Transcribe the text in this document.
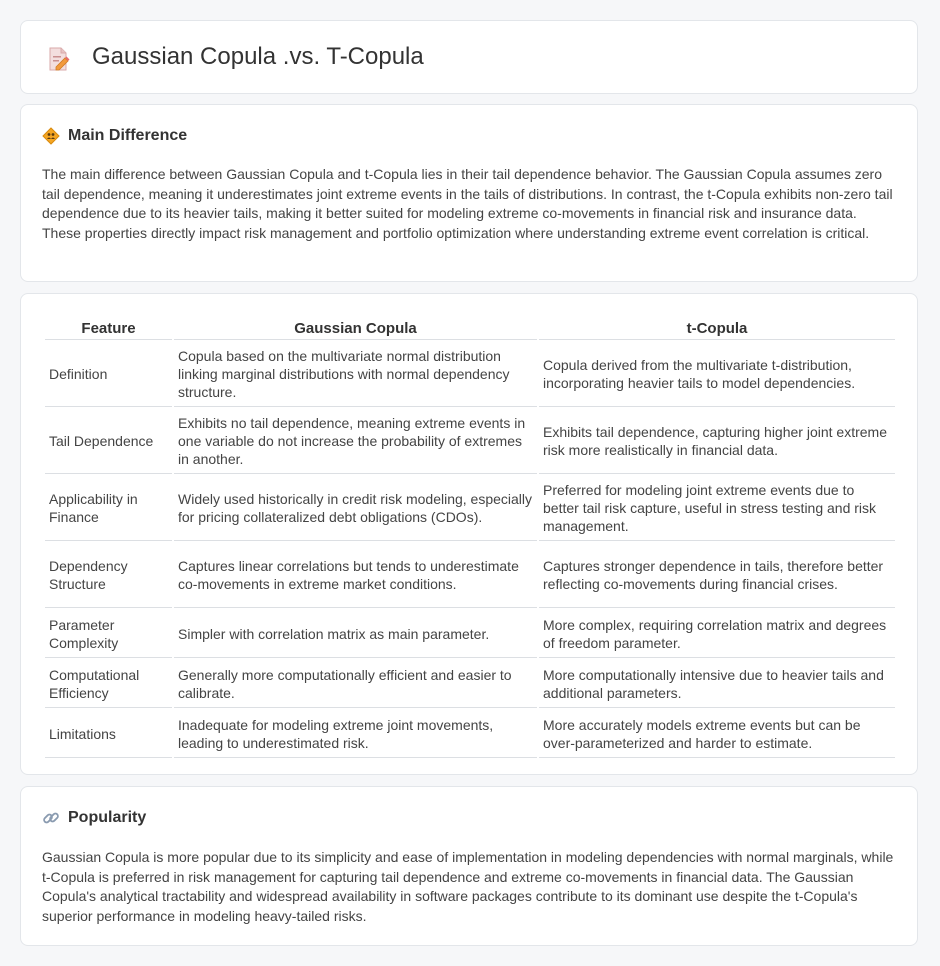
Gaussian Copula .vs. T-Copula
Main Difference

The main difference between Gaussian Copula and t-Copula lies in their tail dependence behavior. The Gaussian Copula assumes zero tail dependence, meaning it underestimates joint extreme events in the tails of distributions. In contrast, the t-Copula exhibits non-zero tail dependence due to its heavier tails, making it better suited for modeling extreme co-movements in financial risk and insurance data. These properties directly impact risk management and portfolio optimization where understanding extreme event correlation is critical.

Feature	Gaussian Copula	t-Copula
Definition	Copula based on the multivariate normal distribution linking marginal distributions with normal dependency structure.	Copula derived from the multivariate t-distribution, incorporating heavier tails to model dependencies.
Tail Dependence	Exhibits no tail dependence, meaning extreme events in one variable do not increase the probability of extremes in another.	Exhibits tail dependence, capturing higher joint extreme risk more realistically in financial data.
Applicability in Finance	Widely used historically in credit risk modeling, especially for pricing collateralized debt obligations (CDOs).	Preferred for modeling joint extreme events due to better tail risk capture, useful in stress testing and risk management.
Dependency Structure	Captures linear correlations but tends to underestimate co-movements in extreme market conditions.	Captures stronger dependence in tails, therefore better reflecting co-movements during financial crises.
Parameter Complexity	Simpler with correlation matrix as main parameter.	More complex, requiring correlation matrix and degrees of freedom parameter.
Computational Efficiency	Generally more computationally efficient and easier to calibrate.	More computationally intensive due to heavier tails and additional parameters.
Limitations	Inadequate for modeling extreme joint movements, leading to underestimated risk.	More accurately models extreme events but can be over-parameterized and harder to estimate.
Popularity

Gaussian Copula is more popular due to its simplicity and ease of implementation in modeling dependencies with normal marginals, while t-Copula is preferred in risk management for capturing tail dependence and extreme co-movements in financial data. The Gaussian Copula's analytical tractability and widespread availability in software packages contribute to its dominant use despite the t-Copula's superior performance in modeling heavy-tailed risks.
